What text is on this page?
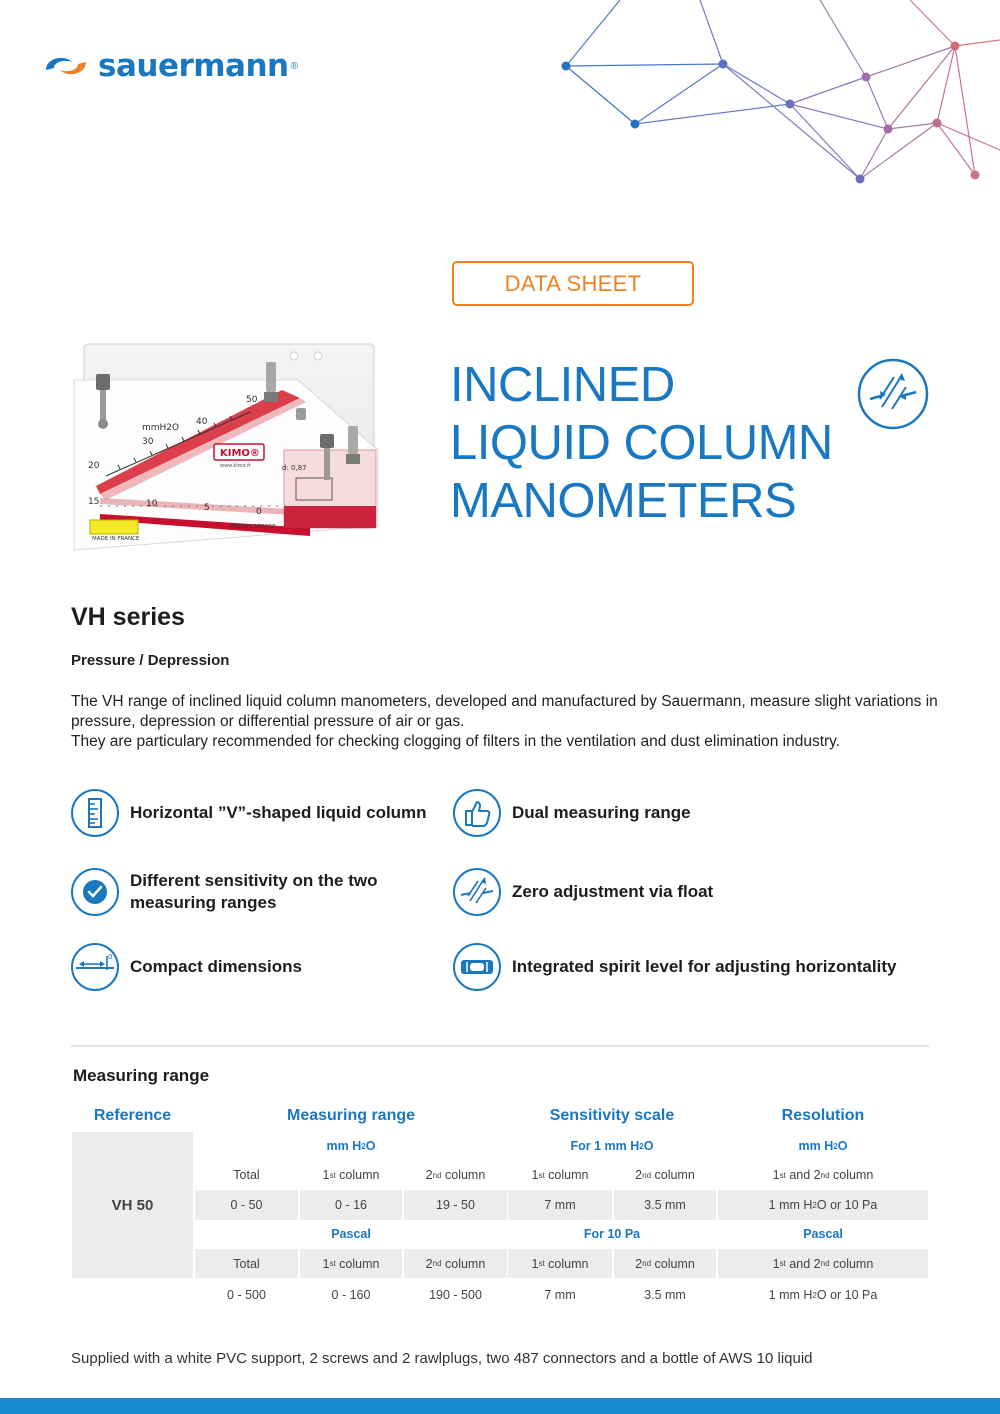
sauermann ®
DATA SHEET
INCLINED
LIQUID COLUMN
MANOMETERS
mmH2O
20
30
40
50
15	10	5	0
KIMO®
www.kimo.fr	d: 0,87
BREVET DEPOSE
MADE IN FRANCE
VH series
Pressure / Depression
The VH range of inclined liquid column manometers, developed and manufactured by Sauermann, measure slight variations in pressure, depression or differential pressure of air or gas.
They are particulary recommended for checking clogging of filters in the ventilation and dust elimination industry.
Horizontal ”V”-shaped liquid column	Dual measuring range
Different sensitivity on the two measuring ranges
Zero adjustment via float
0 Compact dimensions	Integrated spirit level for adjusting horizontality
Measuring range
Reference	Measuring range	Sensitivity scale	Resolution
VH 50
mm H 2 O	For 1 mm H 2 O	mm H 2 O
Total	1 st column	2 nd column	1 st column	2 nd column	1 st and 2 nd column
0 - 50	0 - 16	19 - 50	7 mm	3.5 mm	1 mm H 2 O or 10 Pa
Pascal	For 10 Pa	Pascal
Total	1 st column	2 nd column	1 st column	2 nd column	1 st and 2 nd column
0 - 500	0 - 160	190 - 500	7 mm	3.5 mm	1 mm H 2 O or 10 Pa
Supplied with a white PVC support, 2 screws and 2 rawlplugs, two 487 connectors and a bottle of AWS 10 liquid
